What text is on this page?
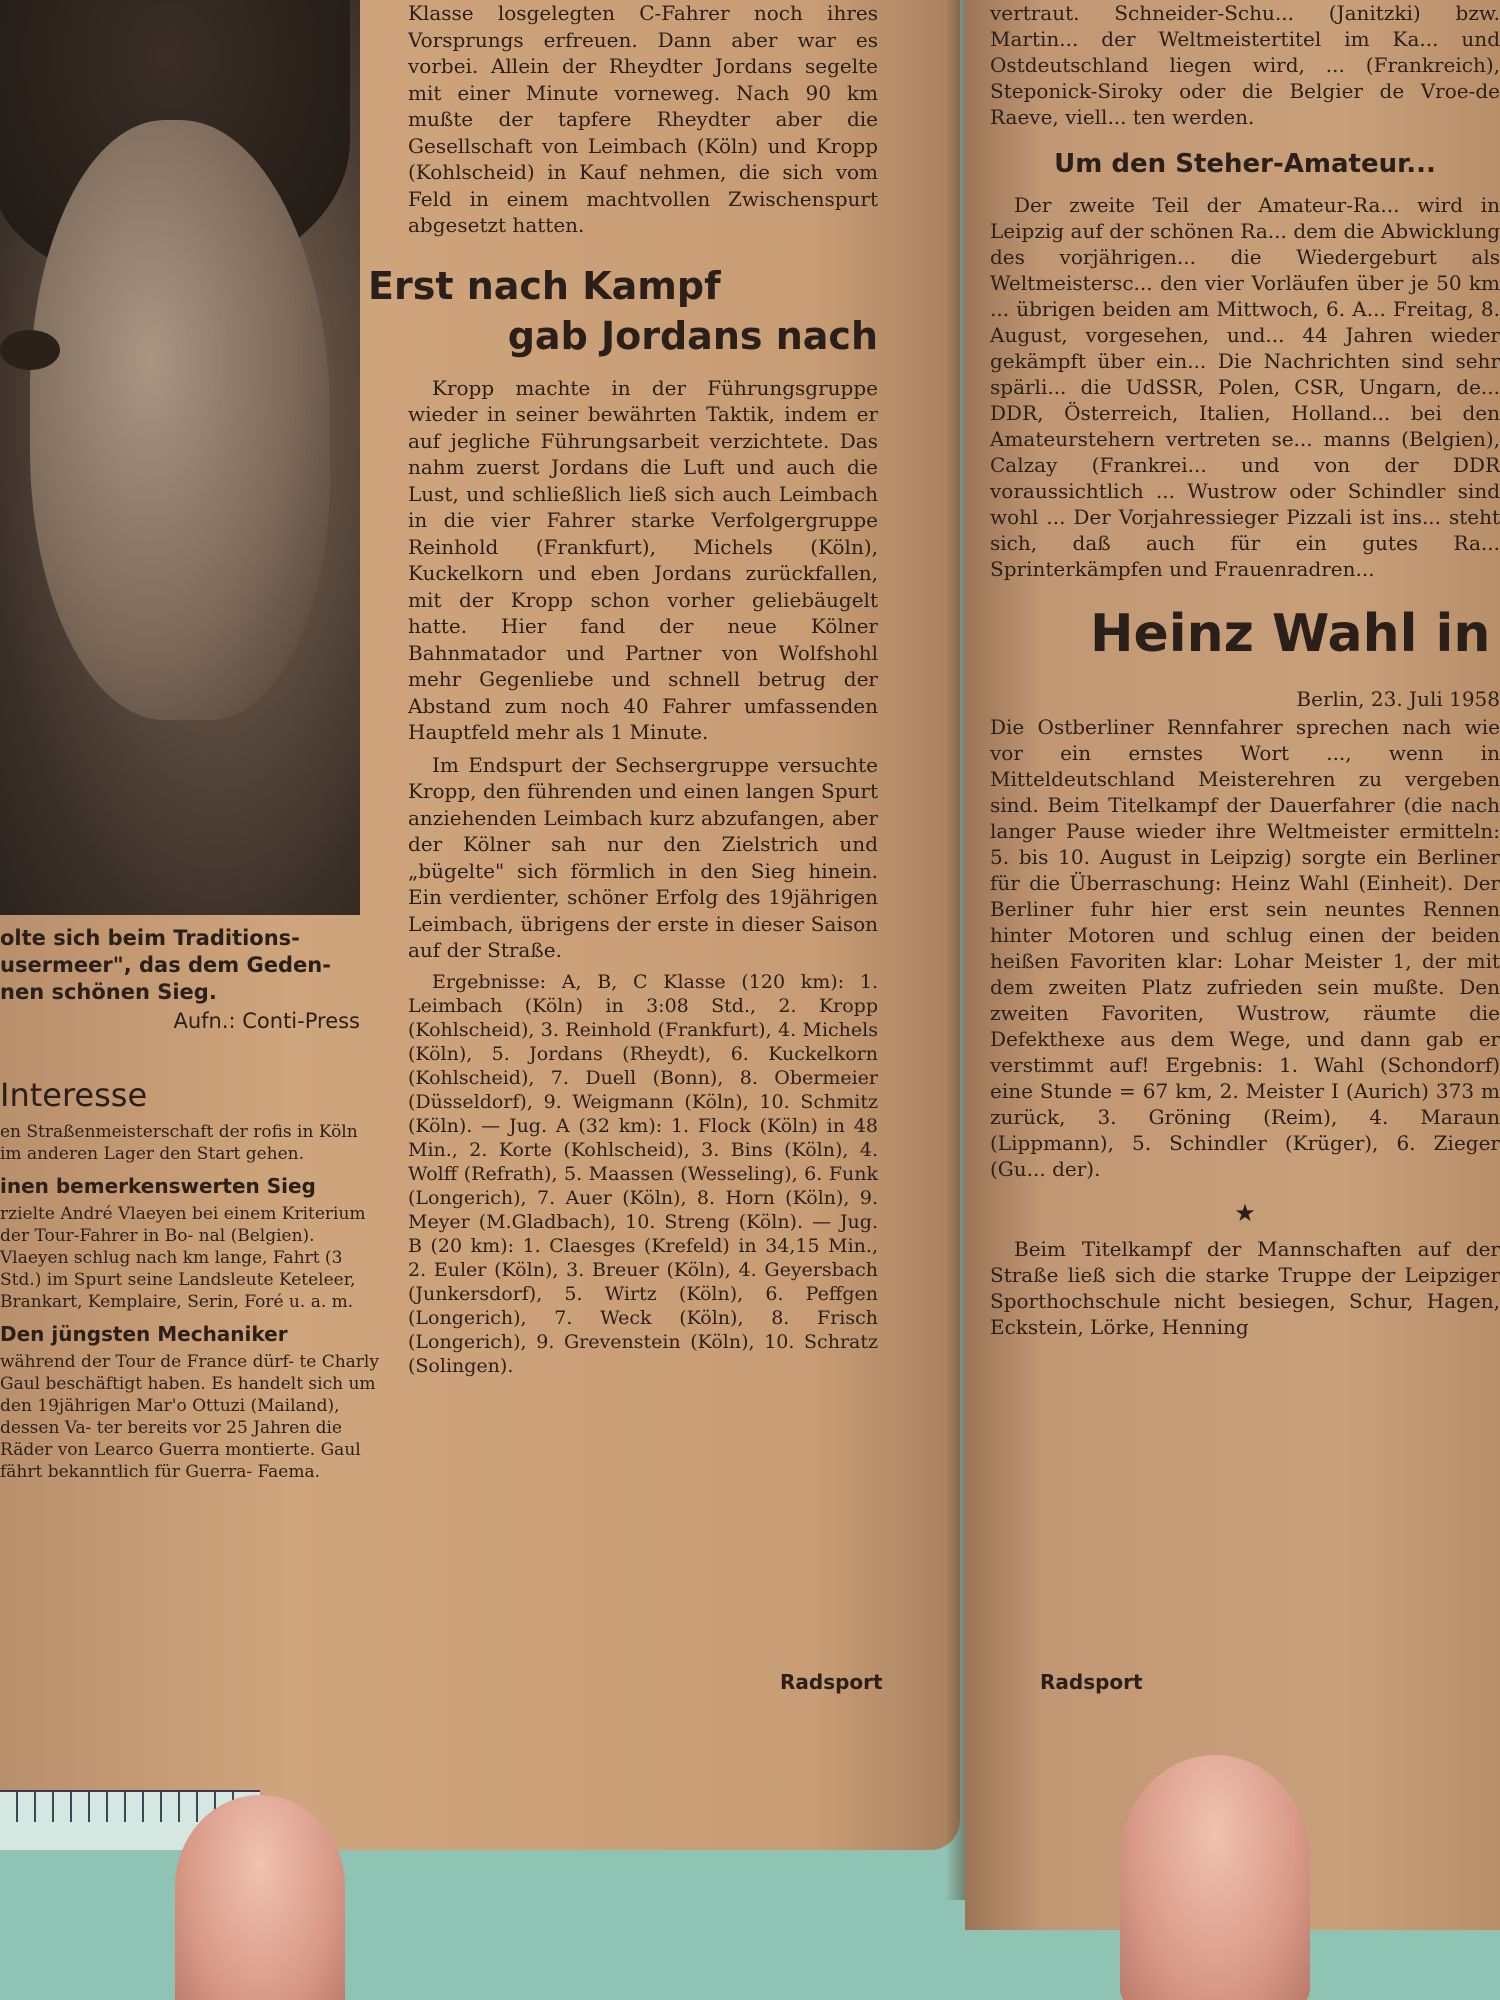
olte sich beim Traditions-
usermeer", das dem Geden-
nen schönen Sieg.
Aufn.: Conti-Press
Interesse

en Straßenmeisterschaft der rofis in Köln im anderen Lager den Start gehen.

inen bemerkenswerten Sieg

rzielte André Vlaeyen bei einem Kriterium der Tour-Fahrer in Bo- nal (Belgien). Vlaeyen schlug nach km lange, Fahrt (3 Std.) im Spurt seine Landsleute Keteleer, Brankart, Kemplaire, Serin, Foré u. a. m.

Den jüngsten Mechaniker

während der Tour de France dürf- te Charly Gaul beschäftigt haben. Es handelt sich um den 19jährigen Mar'o Ottuzi (Mailand), dessen Va- ter bereits vor 25 Jahren die Räder von Learco Guerra montierte. Gaul fährt bekanntlich für Guerra- Faema.

Klasse losgelegten C-Fahrer noch ihres Vorsprungs erfreuen. Dann aber war es vorbei. Allein der Rheydter Jordans segelte mit einer Minute vorneweg. Nach 90 km mußte der tapfere Rheydter aber die Gesellschaft von Leimbach (Köln) und Kropp (Kohlscheid) in Kauf nehmen, die sich vom Feld in einem machtvollen Zwischenspurt abgesetzt hatten.

Erst nach Kampf
gab Jordans nach

Kropp machte in der Führungsgruppe wieder in seiner bewährten Taktik, indem er auf jegliche Führungsarbeit verzichtete. Das nahm zuerst Jordans die Luft und auch die Lust, und schließlich ließ sich auch Leimbach in die vier Fahrer starke Verfolgergruppe Reinhold (Frankfurt), Michels (Köln), Kuckelkorn und eben Jordans zurückfallen, mit der Kropp schon vorher geliebäugelt hatte. Hier fand der neue Kölner Bahnmatador und Partner von Wolfshohl mehr Gegenliebe und schnell betrug der Abstand zum noch 40 Fahrer umfassenden Hauptfeld mehr als 1 Minute.

Im Endspurt der Sechsergruppe versuchte Kropp, den führenden und einen langen Spurt anziehenden Leimbach kurz abzufangen, aber der Kölner sah nur den Zielstrich und „bügelte" sich förmlich in den Sieg hinein. Ein verdienter, schöner Erfolg des 19jährigen Leimbach, übrigens der erste in dieser Saison auf der Straße.

Ergebnisse: A, B, C Klasse (120 km): 1. Leimbach (Köln) in 3:08 Std., 2. Kropp (Kohlscheid), 3. Reinhold (Frankfurt), 4. Michels (Köln), 5. Jordans (Rheydt), 6. Kuckelkorn (Kohlscheid), 7. Duell (Bonn), 8. Obermeier (Düsseldorf), 9. Weigmann (Köln), 10. Schmitz (Köln). — Jug. A (32 km): 1. Flock (Köln) in 48 Min., 2. Korte (Kohlscheid), 3. Bins (Köln), 4. Wolff (Refrath), 5. Maassen (Wesseling), 6. Funk (Longerich), 7. Auer (Köln), 8. Horn (Köln), 9. Meyer (M.Gladbach), 10. Streng (Köln). — Jug. B (20 km): 1. Claesges (Krefeld) in 34,15 Min., 2. Euler (Köln), 3. Breuer (Köln), 4. Geyersbach (Junkersdorf), 5. Wirtz (Köln), 6. Peffgen (Longerich), 7. Weck (Köln), 8. Frisch (Longerich), 9. Grevenstein (Köln), 10. Schratz (Solingen).

Radsport

vertraut. Schneider-Schu... (Janitzki) bzw. Martin... der Weltmeistertitel im Ka... und Ostdeutschland liegen wird, ... (Frankreich), Steponick-Siroky oder die Belgier de Vroe-de Raeve, viell... ten werden.

Um den Steher-Amateur...

Der zweite Teil der Amateur-Ra... wird in Leipzig auf der schönen Ra... dem die Abwicklung des vorjährigen... die Wiedergeburt als Weltmeistersc... den vier Vorläufen über je 50 km ... übrigen beiden am Mittwoch, 6. A... Freitag, 8. August, vorgesehen, und... 44 Jahren wieder gekämpft über ein... Die Nachrichten sind sehr spärli... die UdSSR, Polen, CSR, Ungarn, de... DDR, Österreich, Italien, Holland... bei den Amateurstehern vertreten se... manns (Belgien), Calzay (Frankrei... und von der DDR voraussichtlich ... Wustrow oder Schindler sind wohl ... Der Vorjahressieger Pizzali ist ins... steht sich, daß auch für ein gutes Ra... Sprinterkämpfen und Frauenradren...

Heinz Wahl in
Berlin, 23. Juli 1958

Die Ostberliner Rennfahrer sprechen nach wie vor ein ernstes Wort ..., wenn in Mitteldeutschland Meisterehren zu vergeben sind. Beim Titelkampf der Dauerfahrer (die nach langer Pause wieder ihre Weltmeister ermitteln: 5. bis 10. August in Leipzig) sorgte ein Berliner für die Überraschung: Heinz Wahl (Einheit). Der Berliner fuhr hier erst sein neuntes Rennen hinter Motoren und schlug einen der beiden heißen Favoriten klar: Lohar Meister 1, der mit dem zweiten Platz zufrieden sein mußte. Den zweiten Favoriten, Wustrow, räumte die Defekthexe aus dem Wege, und dann gab er verstimmt auf! Ergebnis: 1. Wahl (Schondorf) eine Stunde = 67 km, 2. Meister I (Aurich) 373 m zurück, 3. Gröning (Reim), 4. Maraun (Lippmann), 5. Schindler (Krüger), 6. Zieger (Gu... der).

★

Beim Titelkampf der Mannschaften auf der Straße ließ sich die starke Truppe der Leipziger Sporthochschule nicht besiegen, Schur, Hagen, Eckstein, Lörke, Henning

Radsport
